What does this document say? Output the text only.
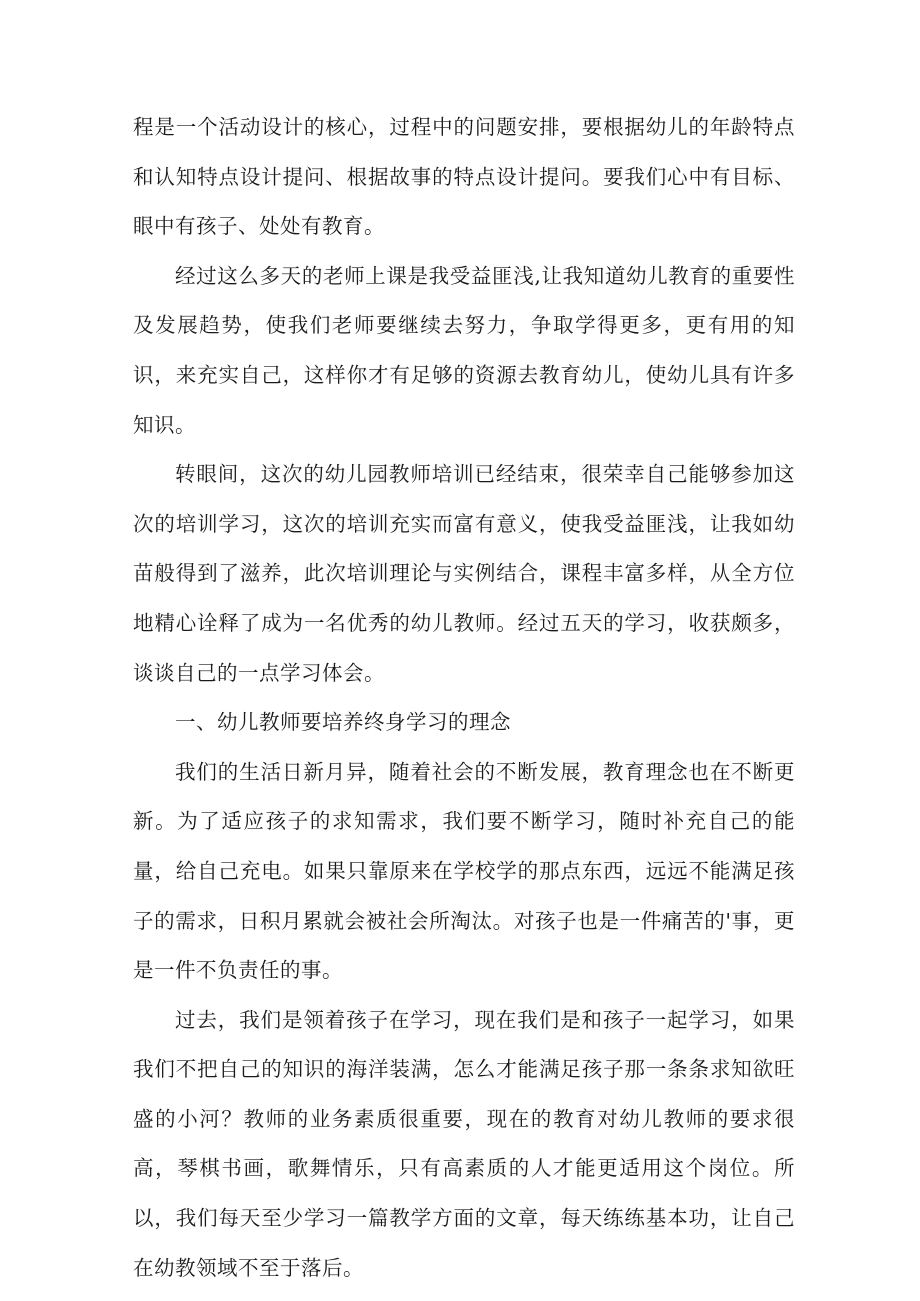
程是一个活动设计的核心，过程中的问题安排，要根据幼儿的年龄特点和认知特点设计提问、根据故事的特点设计提问。要我们心中有目标、眼中有孩子、处处有教育。

经过这么多天的老师上课是我受益匪浅,让我知道幼儿教育的重要性及发展趋势，使我们老师要继续去努力，争取学得更多，更有用的知识，来充实自己，这样你才有足够的资源去教育幼儿，使幼儿具有许多知识。

转眼间，这次的幼儿园教师培训已经结束，很荣幸自己能够参加这次的培训学习，这次的培训充实而富有意义，使我受益匪浅，让我如幼苗般得到了滋养，此次培训理论与实例结合，课程丰富多样，从全方位地精心诠释了成为一名优秀的幼儿教师。经过五天的学习，收获颇多，谈谈自己的一点学习体会。

一、幼儿教师要培养终身学习的理念

我们的生活日新月异，随着社会的不断发展，教育理念也在不断更新。为了适应孩子的求知需求，我们要不断学习，随时补充自己的能量，给自己充电。如果只靠原来在学校学的那点东西，远远不能满足孩子的需求，日积月累就会被社会所淘汰。对孩子也是一件痛苦的'事，更是一件不负责任的事。

过去，我们是领着孩子在学习，现在我们是和孩子一起学习，如果我们不把自己的知识的海洋装满，怎么才能满足孩子那一条条求知欲旺盛的小河？教师的业务素质很重要，现在的教育对幼儿教师的要求很高，琴棋书画，歌舞情乐，只有高素质的人才能更适用这个岗位。所以，我们每天至少学习一篇教学方面的文章，每天练练基本功，让自己在幼教领域不至于落后。
